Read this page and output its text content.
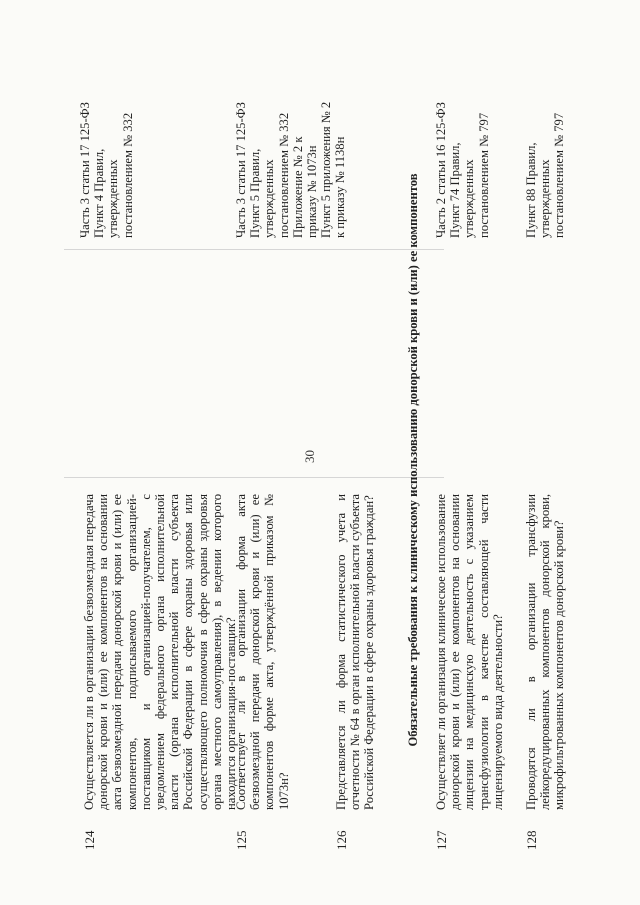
30
124
Осуществляется ли в организации безвозмездная передача донорской крови и (или) ее компонентов на основании акта безвозмездной передачи донорской крови и (или) ее компонентов, подписываемого организацией-поставщиком и организацией-получателем, с уведомлением федерального органа исполнительной власти (органа исполнительной власти субъекта Российской Федерации в сфере охраны здоровья или осуществляющего полномочия в сфере охраны здоровья органа местного самоуправления), в ведении которого находится организация-поставщик?
Часть 3 статьи 17 125-ФЗ Пункт 4 Правил, утвержденных постановлением № 332
125
Соответствует ли в организации форма акта безвозмездной передачи донорской крови и (или) ее компонентов форме акта, утверждённой приказом № 1073н?
Часть 3 статьи 17 125-ФЗ Пункт 5 Правил, утвержденных постановлением № 332 Приложение № 2 к приказу № 1073н Пункт 5 приложения № 2 к приказу № 1138н
126
Представляется ли форма статистического учета и отчетности № 64 в орган исполнительной власти субъекта Российской Федерации в сфере охраны здоровья граждан? Обязательные требования к клиническому использованию донорской крови и (или) ее компонентов
127
Осуществляет ли организация клиническое использование донорской крови и (или) ее компонентов на основании лицензии на медицинскую деятельность с указанием трансфузиологии в качестве составляющей части лицензируемого вида деятельности?
Часть 2 статьи 16 125-ФЗ Пункт 74 Правил, утвержденных постановлением № 797
128
Проводятся ли в организации трансфузии лейкоредуцированных компонентов донорской крови, микрофильтрованных компонентов донорской крови?
Пункт 88 Правил, утвержденных постановлением № 797
